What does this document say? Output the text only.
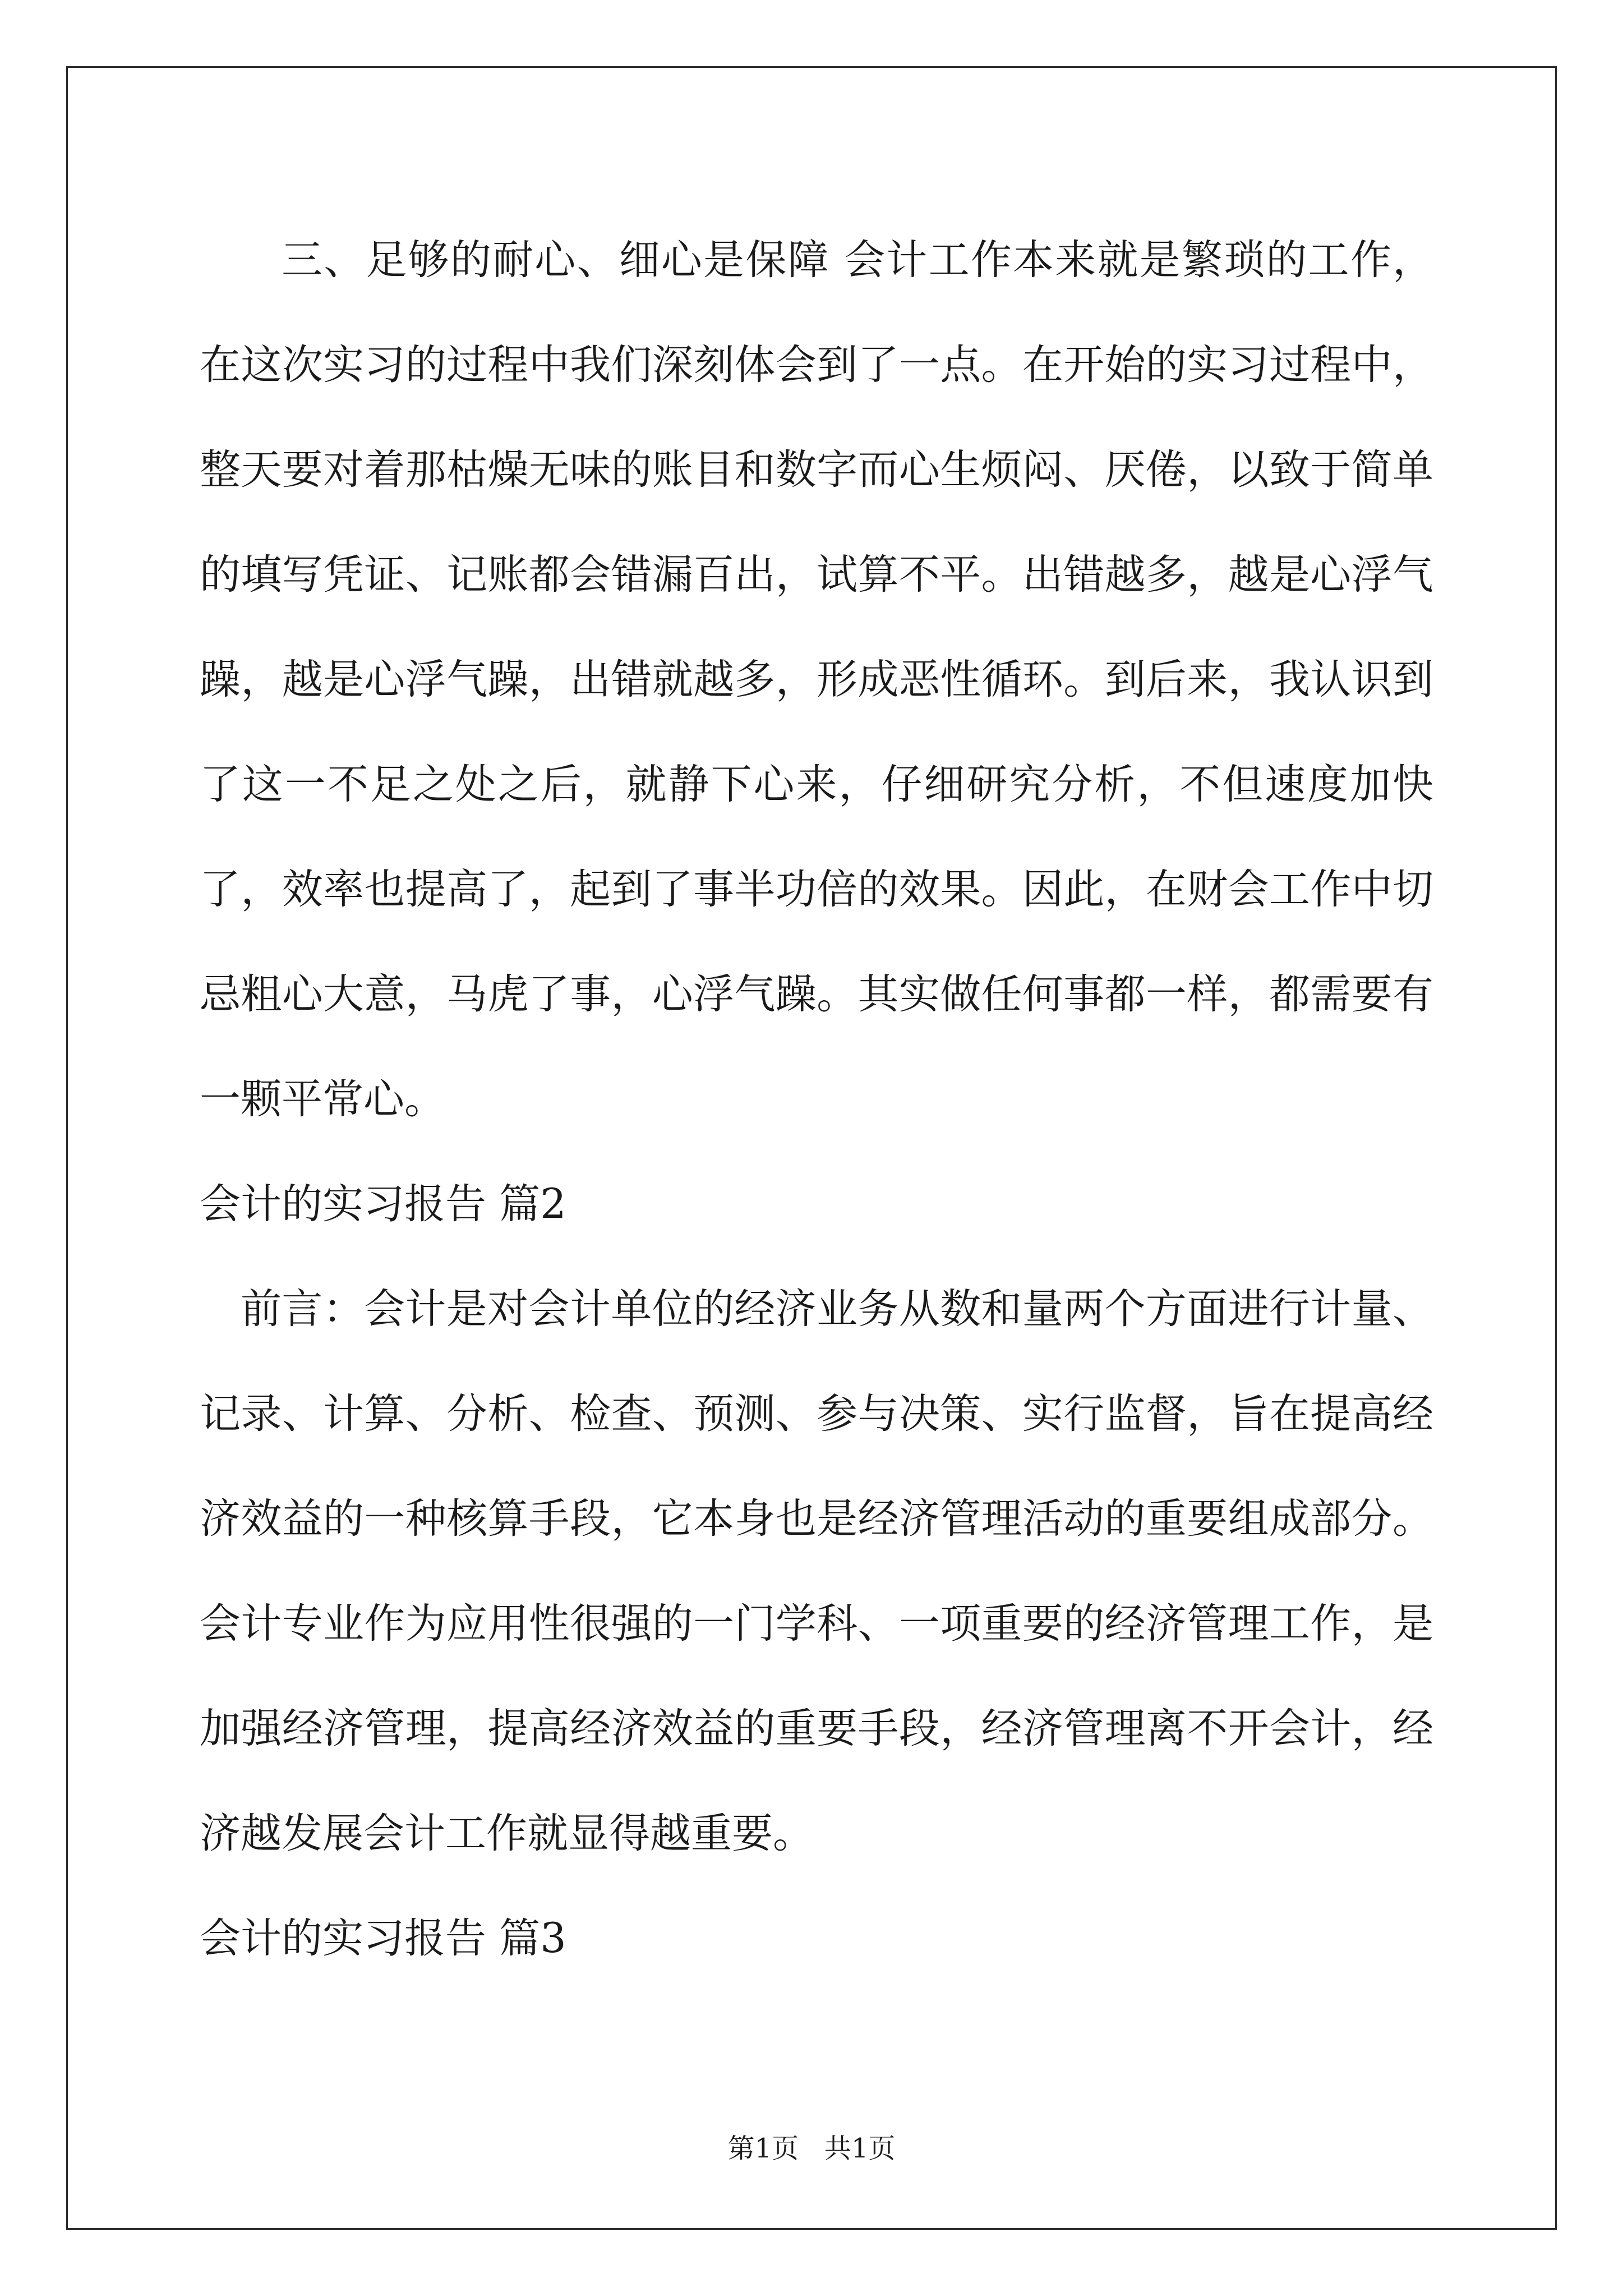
三、足够的耐心、细心是保障 会计工作本来就是繁琐的工作，在这次实习的过程中我们深刻体会到了一点。在开始的实习过程中，整天要对着那枯燥无味的账目和数字而心生烦闷、厌倦，以致于简单的填写凭证、记账都会错漏百出，试算不平。出错越多，越是心浮气躁，越是心浮气躁，出错就越多，形成恶性循环。到后来，我认识到了这一不足之处之后，就静下心来，仔细研究分析，不但速度加快了，效率也提高了，起到了事半功倍的效果。因此，在财会工作中切忌粗心大意，马虎了事，心浮气躁。其实做任何事都一样，都需要有一颗平常心。

会计的实习报告 篇2

前言：会计是对会计单位的经济业务从数和量两个方面进行计量、记录、计算、分析、检查、预测、参与决策、实行监督，旨在提高经济效益的一种核算手段，它本身也是经济管理活动的重要组成部分。会计专业作为应用性很强的一门学科、一项重要的经济管理工作，是加强经济管理，提高经济效益的重要手段，经济管理离不开会计，经济越发展会计工作就显得越重要。

会计的实习报告 篇3

第1页   共1页
